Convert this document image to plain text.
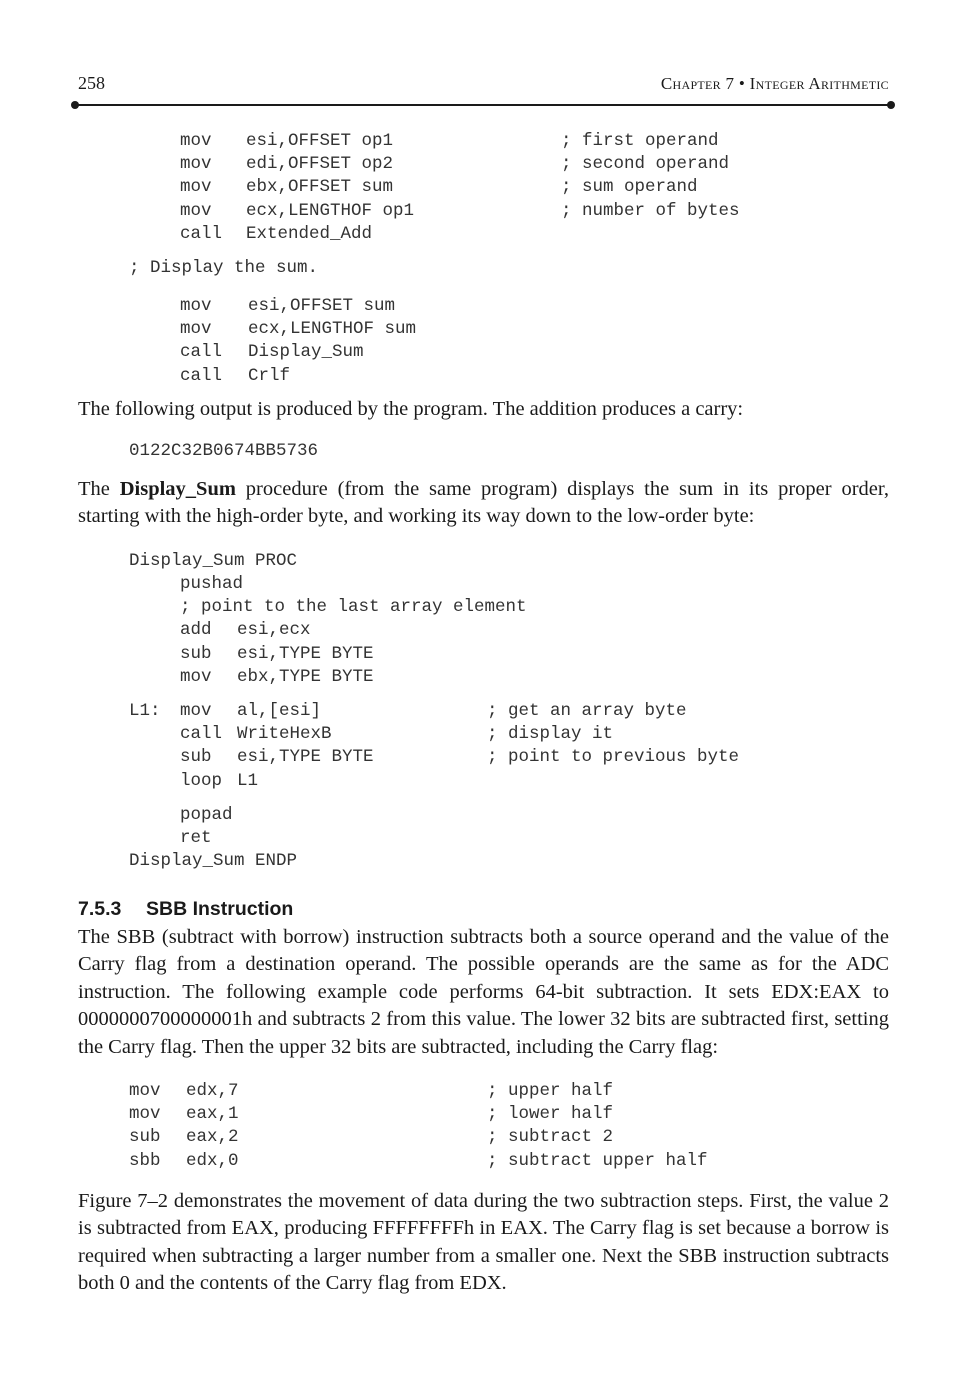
258	Chapter 7 • Integer Arithmetic
mov esi,OFFSET op1	; first operand
mov edi,OFFSET op2	; second operand
mov ebx,OFFSET sum	; sum operand
mov ecx,LENGTHOF op1	; number of bytes
call Extended_Add
; Display the sum.
mov esi,OFFSET sum
mov ecx,LENGTHOF sum
call Display_Sum
call Crlf

The following output is produced by the program. The addition produces a carry:

0122C32B0674BB5736

The Display_Sum procedure (from the same program) displays the sum in its proper order, starting with the high-order byte, and working its way down to the low-order byte:

Display_Sum PROC
pushad
; point to the last array element
add esi,ecx
sub esi,TYPE BYTE
mov ebx,TYPE BYTE
L1: mov al,[esi]	; get an array byte
call WriteHexB	; display it
sub esi,TYPE BYTE	; point to previous byte
loop L1
popad
ret
Display_Sum ENDP
7.5.3 SBB Instruction

The SBB (subtract with borrow) instruction subtracts both a source operand and the value of the Carry flag from a destination operand. The possible operands are the same as for the ADC instruction. The following example code performs 64-bit subtraction. It sets EDX:EAX to 0000000700000001h and subtracts 2 from this value. The lower 32 bits are subtracted first, setting the Carry flag. Then the upper 32 bits are subtracted, including the Carry flag:

mov edx,7	; upper half
mov eax,1	; lower half
sub eax,2	; subtract 2
sbb edx,0	; subtract upper half

Figure 7–2 demonstrates the movement of data during the two subtraction steps. First, the value 2 is subtracted from EAX, producing FFFFFFFFh in EAX. The Carry flag is set because a borrow is required when subtracting a larger number from a smaller one. Next the SBB instruction subtracts both 0 and the contents of the Carry flag from EDX.
